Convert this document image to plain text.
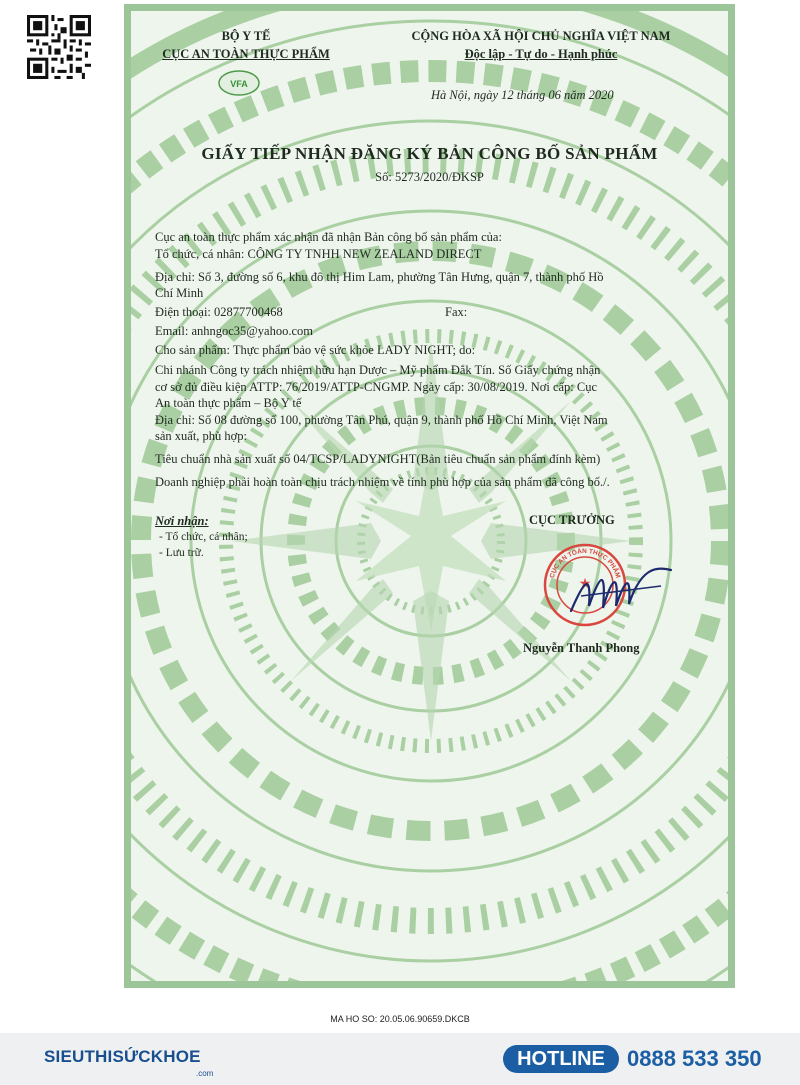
BỘ Y TẾ
CỤC AN TOÀN THỰC PHẨM
VFA
CỘNG HÒA XÃ HỘI CHỦ NGHĨA VIỆT NAM
Độc lập - Tự do - Hạnh phúc
Hà Nội, ngày 12 tháng 06 năm 2020
GIẤY TIẾP NHẬN ĐĂNG KÝ BẢN CÔNG BỐ SẢN PHẨM
Số: 5273/2020/ĐKSP
Cục an toàn thực phẩm xác nhận đã nhận Bản công bố sản phẩm của:
Tổ chức, cá nhân: CÔNG TY TNHH NEW ZEALAND DIRECT
Địa chỉ: Số 3, đường số 6, khu đô thị Him Lam, phường Tân Hưng, quận 7, thành phố Hồ
Chí Minh
Điện thoại: 02877700468	Fax:
Email: anhngoc35@yahoo.com
Cho sản phẩm: Thực phẩm bảo vệ sức khỏe LADY NIGHT; do:
Chi nhánh Công ty trách nhiệm hữu hạn Dược – Mỹ phẩm Đắk Tín. Số Giấy chứng nhận
cơ sở đủ điều kiện ATTP: 76/2019/ATTP-CNGMP. Ngày cấp: 30/08/2019. Nơi cấp: Cục
An toàn thực phẩm – Bộ Y tế
Địa chỉ: Số 08 đường số 100, phường Tân Phú, quận 9, thành phố Hồ Chí Minh, Việt Nam
sản xuất, phù hợp:
Tiêu chuẩn nhà sản xuất số 04/TCSP/LADYNIGHT(Bản tiêu chuẩn sản phẩm đính kèm)
Doanh nghiệp phải hoàn toàn chịu trách nhiệm về tính phù hợp của sản phẩm đã công bố./.
Nơi nhận:
- Tổ chức, cá nhân;
- Lưu trữ.
CỤC TRƯỞNG
CỤC AN TOÀN THỰC PHẨM
★
Nguyễn Thanh Phong
MA HO SO: 20.05.06.90659.DKCB
SIEUTHISỨCKHOE
.com
HOTLINE	0888 533 350
